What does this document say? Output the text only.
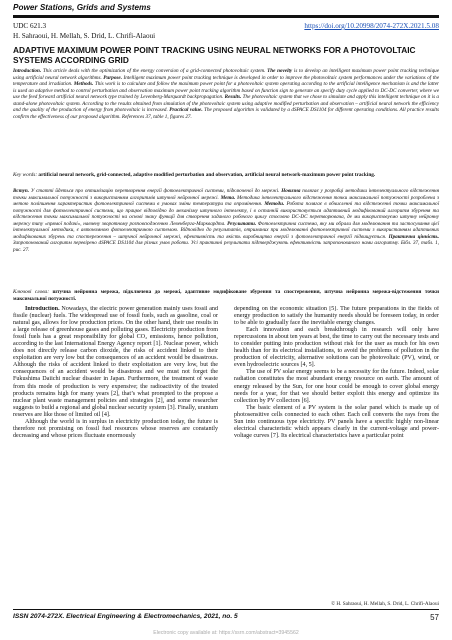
Power Stations, Grids and Systems
UDC 621.3	https://doi.org/10.20998/2074-272X.2021.5.08
H. Sahraoui, H. Mellah, S. Drid, L. Chrifi-Alaoui
ADAPTIVE MAXIMUM POWER POINT TRACKING USING NEURAL NETWORKS FOR A PHOTOVOLTAIC SYSTEMS ACCORDING GRID
Introduction. This article deals with the optimization of the energy conversion of a grid-connected photovoltaic system. The novelty is to develop an intelligent maximum power point tracking technique using artificial neural network algorithms. Purpose. Intelligent maximum power point tracking technique is developed in order to improve the photovoltaic system performances under the variations of the temperature and irradiation. Methods. This work is to calculate and follow the maximum power point for a photovoltaic system operating according to the artificial intelligence mechanism is and the latter is used an adaptive method to control perturbation and observation maximum power point tracking algorithm based on function sign to generate an specify duty cycle applied to DC-DC converter, where we use the feed forward artificial neural network type trained by Levenberg-Marquardt backpropagation. Results. The photovoltaic system that we chose to simulate and apply this intelligent technique on it is a stand-alone photovoltaic system. According to the results obtained from simulation of the photovoltaic system using adaptive modified perturbation and observation – artificial neural network the efficiency and the quality of the production of energy from photovoltaic is increased. Practical value. The proposed algorithm is validated by a dSPACE DS1104 for different operating conditions. All practice results confirm the effectiveness of our proposed algorithm. References 37, table 1, figures 27.
Key words: artificial neural network, grid-connected, adaptive modified perturbation and observation, artificial neural network-maximum power point tracking.
Вступ. У статті йдеться про оптимізацію перетворення енергії фотоелектричної системи, підключеної до мережі. Новизна полягає у розробці методики інтелектуального відстеження точки максимальної потужності з використанням алгоритмів штучної нейронної мережі. Мета. Методика інтелектуального відстеження точки максимальної потужності розроблена з метою поліпшення характеристик фотоелектричної системи в умовах зміни температури та опромінення. Методи. Робота полягає в обчисленні та відстеженні точки максимальної потужності для фотоелектричної системи, що працює відповідно до механізму штучного інтелекту, і в останній використовується адаптивний модифікований алгоритм збурення та відстеження точки максимальної потужності на основі знаку функції для створення заданого робочого циклу стосовно DC-DC перетворювача, де ми використовуємо штучну нейронну мережу типу «прямої подачі», навчену зворотному розповсюдженню Левенберга-Марквардта. Результати. Фотоелектрична система, яку ми обрали для моделювання та застосування цієї інтелектуальної методики, є автономною фотоелектричною системою. Відповідно до результатів, отриманих при моделюванні фотоелектричної системи з використанням адаптивних модифікованих збурень та спостереження – штучної нейронної мережі, ефективність та якість виробництва енергії з фотоелектричної енергії підвищується. Практична цінність. Запропонований алгоритм перевірено dSPACE DS1104 для різних умов роботи. Усі практичні результати підтверджують ефективність запропонованого нами алгоритму. Бібл. 37, табл. 1, рис. 27.
Ключові слова: штучна нейронна мережа, підключена до мережі, адаптивне модифіковане збурення та спостереження, штучна нейронна мережа-відстеження точки максимальної потужності.

Introduction. Nowadays, the electric power generation mainly uses fossil and fissile (nuclear) fuels. The widespread use of fossil fuels, such as gasoline, coal or natural gas, allows for low production prices. On the other hand, their use results in a large release of greenhouse gases and polluting gases. Electricity production from fossil fuels has a great responsibility for global CO₂ emissions, hence pollution, according to the last International Energy Agency report [1]. Nuclear power, which does not directly release carbon dioxide, the risks of accident linked to their exploitation are very low but the consequences of an accident would be disastrous. Although the risks of accident linked to their exploitation are very low, but the consequences of an accident would be disastrous and we must not forget the Fukushima Daiichi nuclear disaster in Japan. Furthermore, the treatment of waste from this mode of production is very expensive; the radioactivity of the treated products remains high for many years [2], that’s what prompted to the propose a nuclear plant waste management policies and strategies [2], and some researcher suggests to build a regional and global nuclear security system [3]. Finally, uranium reserves are like those of limited oil [4].

Although the world is in surplus in electricity production today, the future is therefore not promising on fossil fuel resources whose reserves are constantly decreasing and whose prices fluctuate enormously

depending on the economic situation [5]. The future preparations in the fields of energy production to satisfy the humanity needs should be foreseen today, in order to be able to gradually face the inevitable energy changes.

Each innovation and each breakthrough in research will only have repercussions in about ten years at best, the time to carry out the necessary tests and to consider putting into production without risk for the user as much for his own health than for its electrical installations, to avoid the problems of pollution in the production of electricity, alternative solutions can be photovoltaic (PV), wind, or even hydroelectric sources [4, 5].

The use of PV solar energy seems to be a necessity for the future. Indeed, solar radiation constitutes the most abundant energy resource on earth. The amount of energy released by the Sun, for one hour could be enough to cover global energy needs for a year, for that we should better exploit this energy and optimize its collection by PV collectors [6].

The basic element of a PV system is the solar panel which is made up of photosensitive cells connected to each other. Each cell converts the rays from the Sun into continuous type electricity. PV panels have a specific highly non-linear electrical characteristic which appears clearly in the current-voltage and power-voltage curves [7]. Its electrical characteristics have a particular point

© H. Sahraoui, H. Mellah, S. Drid, L. Chrifi-Alaoui
ISSN 2074-272X. Electrical Engineering & Electromechanics, 2021, no. 5	57
Electronic copy available at: https://ssrn.com/abstract=3945562
